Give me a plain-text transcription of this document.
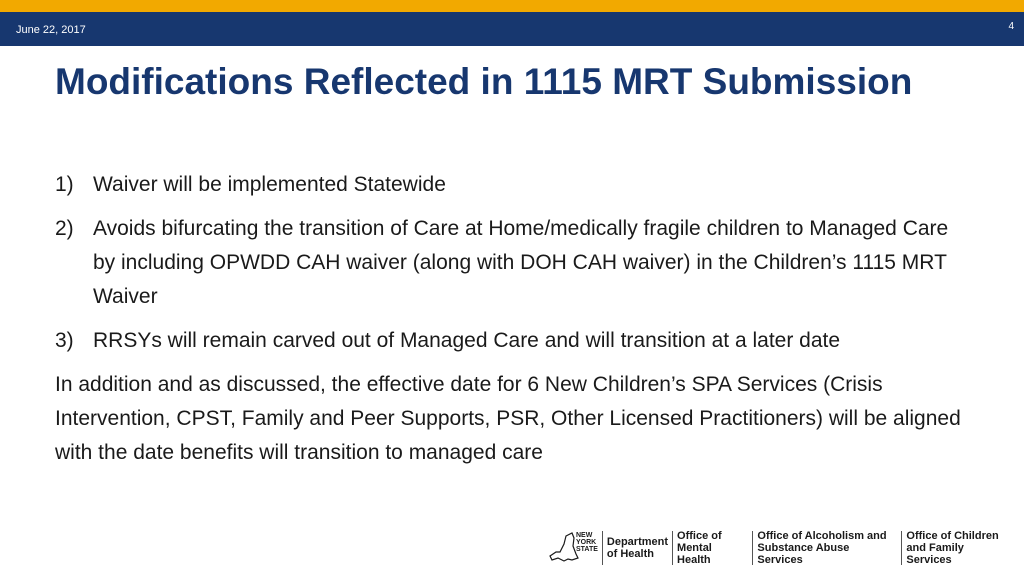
June 22, 2017	4
Modifications Reflected in 1115 MRT Submission
1) Waiver will be implemented Statewide
2) Avoids bifurcating the transition of Care at Home/medically fragile children to Managed Care by including OPWDD CAH waiver (along with DOH CAH waiver) in the Children’s 1115 MRT Waiver
3) RRSYs will remain carved out of Managed Care and will transition at a later date

In addition and as discussed, the effective date for 6 New Children’s SPA Services (Crisis Intervention, CPST, Family and Peer Supports, PSR, Other Licensed Practitioners) will be aligned with the date benefits will transition to managed care

NEW
YORK
STATE
Department
of Health
Office of
Mental Health
Office of Alcoholism and
Substance Abuse Services
Office of Children
and Family Services
